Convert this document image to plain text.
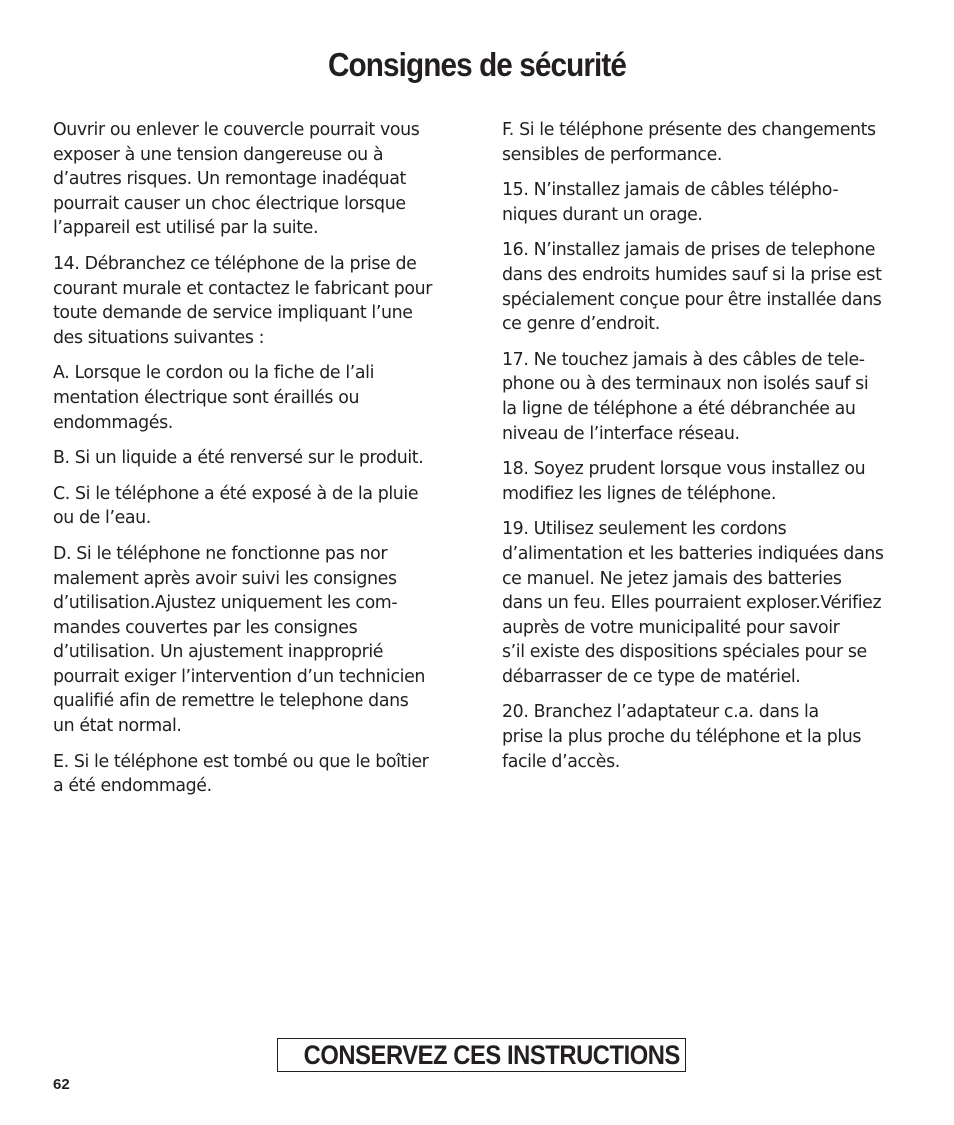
Consignes de sécurité

Ouvrir ou enlever le couvercle pourrait vous
exposer à une tension dangereuse ou à
d’autres risques. Un remontage inadéquat
pourrait causer un choc électrique lorsque
l’appareil est utilisé par la suite.

14. Débranchez ce téléphone de la prise de
courant murale et contactez le fabricant pour
toute demande de service impliquant l’une
des situations suivantes :

A. Lorsque le cordon ou la fiche de l’ali
mentation électrique sont éraillés ou
endommagés.

B. Si un liquide a été renversé sur le produit.

C. Si le téléphone a été exposé à de la pluie
ou de l’eau.

D. Si le téléphone ne fonctionne pas nor
malement après avoir suivi les consignes
d’utilisation.Ajustez uniquement les com-
mandes couvertes par les consignes
d’utilisation. Un ajustement inapproprié
pourrait exiger l’intervention d’un technicien
qualifié afin de remettre le telephone dans
un état normal.

E. Si le téléphone est tombé ou que le boîtier
a été endommagé.

F. Si le téléphone présente des changements
sensibles de performance.

15. N’installez jamais de câbles télépho-
niques durant un orage.

16. N’installez jamais de prises de telephone
dans des endroits humides sauf si la prise est
spécialement conçue pour être installée dans
ce genre d’endroit.

17. Ne touchez jamais à des câbles de tele-
phone ou à des terminaux non isolés sauf si
la ligne de téléphone a été débranchée au
niveau de l’interface réseau.

18. Soyez prudent lorsque vous installez ou
modifiez les lignes de téléphone.

19. Utilisez seulement les cordons
d’alimentation et les batteries indiquées dans
ce manuel. Ne jetez jamais des batteries
dans un feu. Elles pourraient exploser.Vérifiez
auprès de votre municipalité pour savoir
s’il existe des dispositions spéciales pour se
débarrasser de ce type de matériel.

20. Branchez l’adaptateur c.a. dans la
prise la plus proche du téléphone et la plus
facile d’accès.

CONSERVEZ CES INSTRUCTIONS
62
